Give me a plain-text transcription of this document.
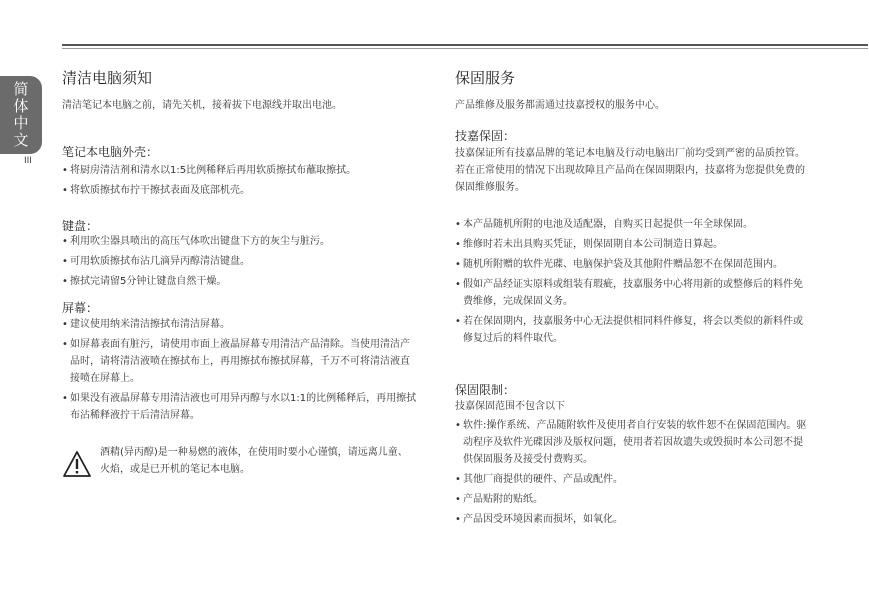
简
体
中
文
III
清洁电脑须知
清洁笔记本电脑之前，请先关机，接着拔下电源线并取出电池。
笔记本电脑外壳：
• 将厨房清洁剂和清水以1:5比例稀释后再用软质擦拭布蘸取擦拭。
• 将软质擦拭布拧干擦拭表面及底部机壳。
键盘：
• 利用吹尘器具喷出的高压气体吹出键盘下方的灰尘与脏污。
• 可用软质擦拭布沾几滴异丙醇清洁键盘。
• 擦拭完请留5分钟让键盘自然干燥。
屏幕：
• 建议使用纳米清洁擦拭布清洁屏幕。
• 如屏幕表面有脏污，请使用市面上液晶屏幕专用清洁产品清除。当使用清洁产品时，请将清洁液喷在擦拭布上，再用擦拭布擦拭屏幕，千万不可将清洁液直接喷在屏幕上。
• 如果没有液晶屏幕专用清洁液也可用异丙醇与水以1:1的比例稀释后，再用擦拭布沾稀释液拧干后清洁屏幕。
酒精(异丙醇)是一种易燃的液体，在使用时要小心谨慎，请远离儿童、火焰，或是已开机的笔记本电脑。
保固服务
产品维修及服务都需通过技嘉授权的服务中心。
技嘉保固：
技嘉保证所有技嘉品牌的笔记本电脑及行动电脑出厂前均受到严密的品质控管。若在正常使用的情况下出现故障且产品尚在保固期限内，技嘉将为您提供免费的保固维修服务。
• 本产品随机所附的电池及适配器，自购买日起提供一年全球保固。
• 维修时若未出具购买凭证，则保固期自本公司制造日算起。
• 随机所附赠的软件光碟、电脑保护袋及其他附件赠品恕不在保固范围内。
• 假如产品经证实原料或组装有瑕疵，技嘉服务中心将用新的或整修后的料件免费维修，完成保固义务。
• 若在保固期内，技嘉服务中心无法提供相同料件修复，将会以类似的新料件或修复过后的料件取代。
保固限制：
技嘉保固范围不包含以下
• 软件:操作系统、产品随附软件及使用者自行安装的软件恕不在保固范围内。驱动程序及软件光碟因涉及版权问题，使用者若因故遗失或毁损时本公司恕不提供保固服务及接受付费购买。
• 其他厂商提供的硬件、产品或配件。
• 产品贴附的贴纸。
• 产品因受环境因素而损坏，如氧化。
